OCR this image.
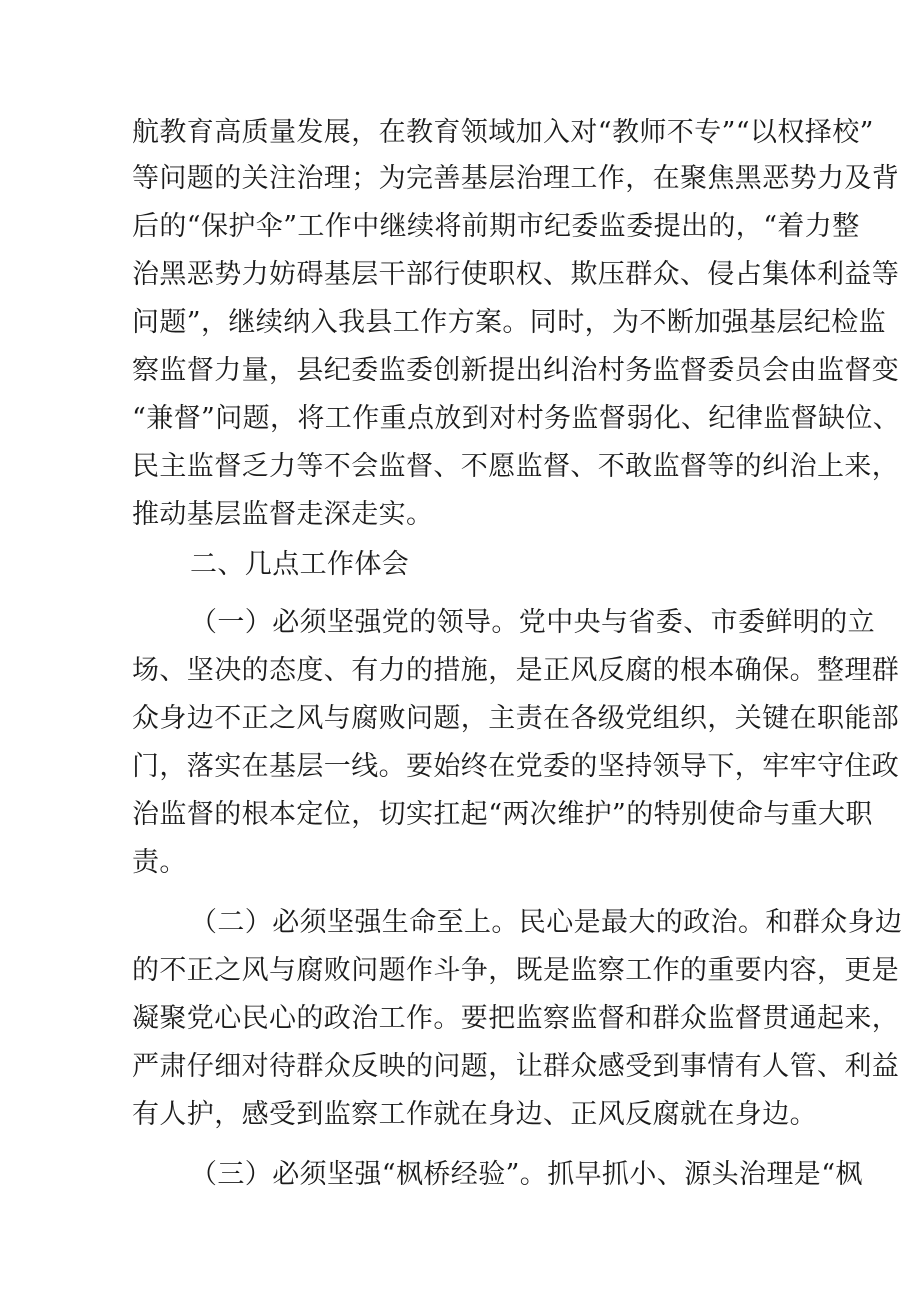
航教育高质量发展，在教育领域加入对“教师不专”“以权择校”
等问题的关注治理；为完善基层治理工作，在聚焦黑恶势力及背
后的“保护伞”工作中继续将前期市纪委监委提出的，“着力整
治黑恶势力妨碍基层干部行使职权、欺压群众、侵占集体利益等
问题”，继续纳入我县工作方案。同时，为不断加强基层纪检监
察监督力量，县纪委监委创新提出纠治村务监督委员会由监督变
“兼督”问题，将工作重点放到对村务监督弱化、纪律监督缺位、
民主监督乏力等不会监督、不愿监督、不敢监督等的纠治上来，
推动基层监督走深走实。
二、几点工作体会
（一）必须坚强党的领导。党中央与省委、市委鲜明的立
场、坚决的态度、有力的措施，是正风反腐的根本确保。整理群
众身边不正之风与腐败问题，主责在各级党组织，关键在职能部
门，落实在基层一线。要始终在党委的坚持领导下，牢牢守住政
治监督的根本定位，切实扛起“两次维护”的特别使命与重大职
责。
（二）必须坚强生命至上。民心是最大的政治。和群众身边
的不正之风与腐败问题作斗争，既是监察工作的重要内容，更是
凝聚党心民心的政治工作。要把监察监督和群众监督贯通起来，
严肃仔细对待群众反映的问题，让群众感受到事情有人管、利益
有人护，感受到监察工作就在身边、正风反腐就在身边。
（三）必须坚强“枫桥经验”。抓早抓小、源头治理是“枫
